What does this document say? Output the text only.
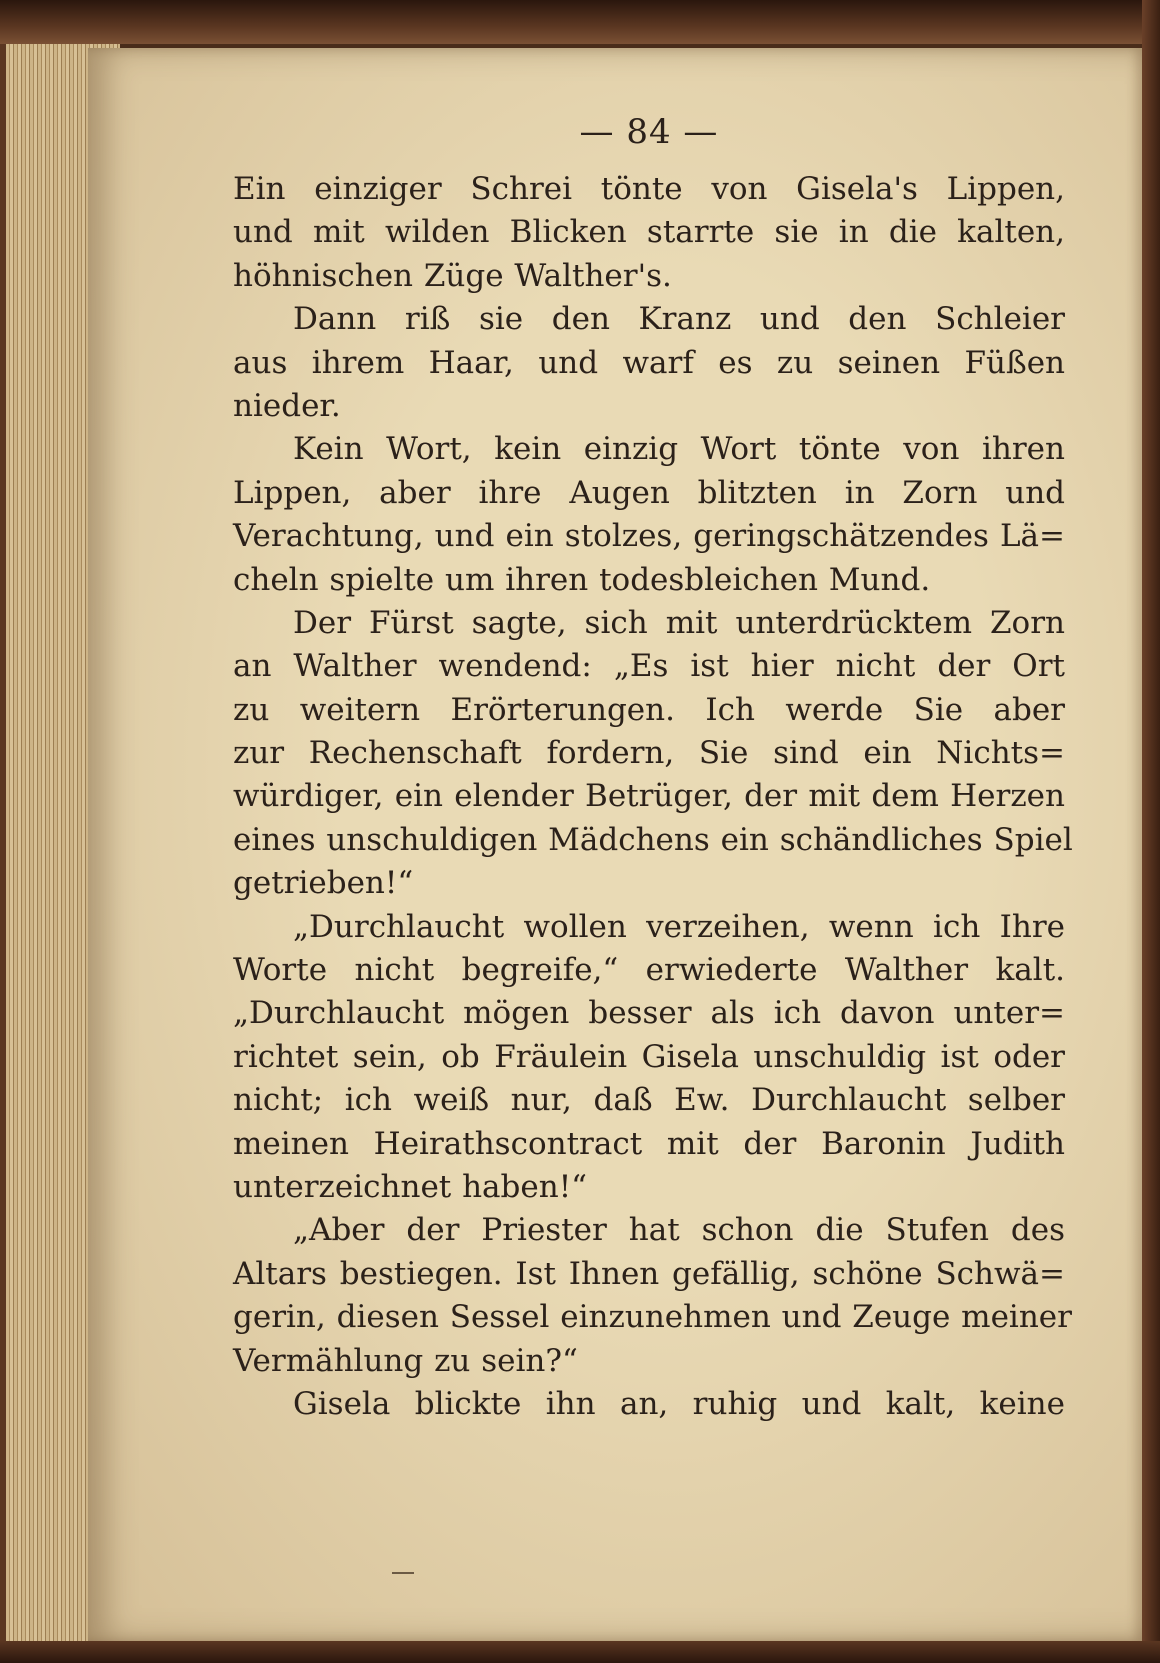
— 84 —
Ein einziger Schrei tönte von Gisela's Lippen,
und mit wilden Blicken starrte sie in die kalten,
höhnischen Züge Walther's.
Dann riß sie den Kranz und den Schleier
aus ihrem Haar, und warf es zu seinen Füßen
nieder.
Kein Wort, kein einzig Wort tönte von ihren
Lippen, aber ihre Augen blitzten in Zorn und
Verachtung, und ein stolzes, geringschätzendes Lä=
cheln spielte um ihren todesbleichen Mund.
Der Fürst sagte, sich mit unterdrücktem Zorn
an Walther wendend: „Es ist hier nicht der Ort
zu weitern Erörterungen. Ich werde Sie aber
zur Rechenschaft fordern, Sie sind ein Nichts=
würdiger, ein elender Betrüger, der mit dem Herzen
eines unschuldigen Mädchens ein schändliches Spiel
getrieben!“
„Durchlaucht wollen verzeihen, wenn ich Ihre
Worte nicht begreife,“ erwiederte Walther kalt.
„Durchlaucht mögen besser als ich davon unter=
richtet sein, ob Fräulein Gisela unschuldig ist oder
nicht; ich weiß nur, daß Ew. Durchlaucht selber
meinen Heirathscontract mit der Baronin Judith
unterzeichnet haben!“
„Aber der Priester hat schon die Stufen des
Altars bestiegen. Ist Ihnen gefällig, schöne Schwä=
gerin, diesen Sessel einzunehmen und Zeuge meiner
Vermählung zu sein?“
Gisela blickte ihn an, ruhig und kalt, keine
